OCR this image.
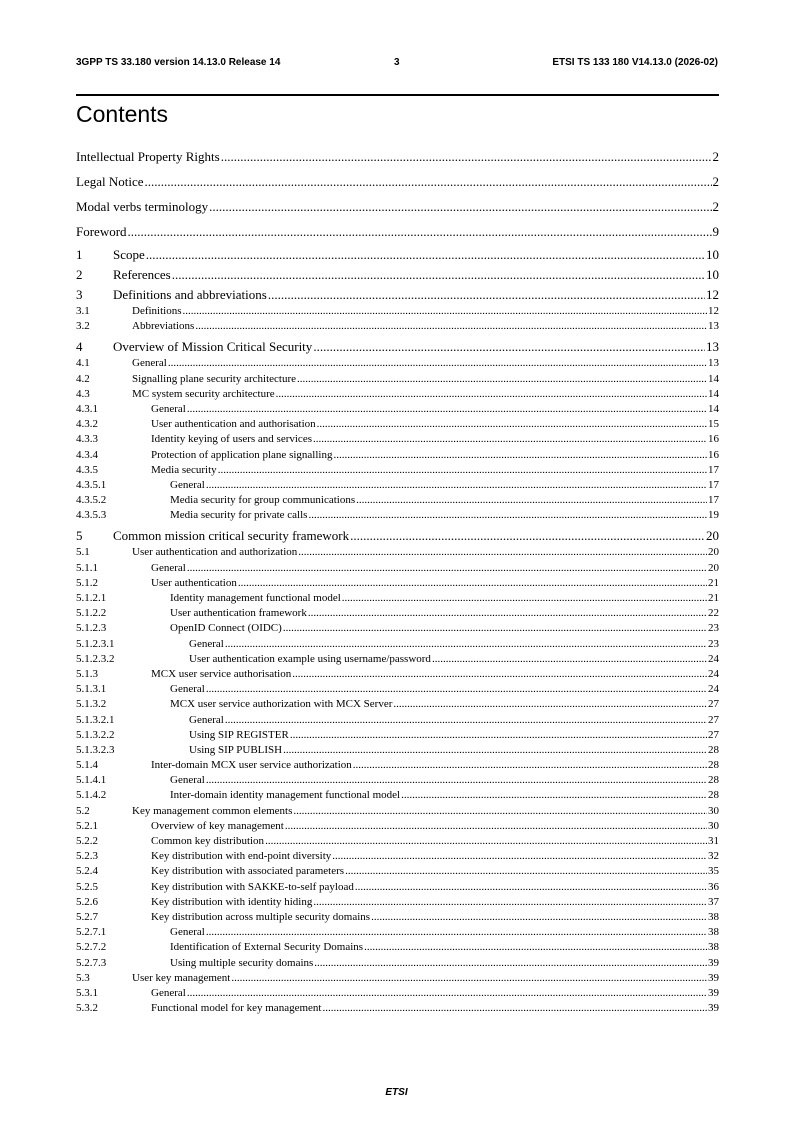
3GPP TS 33.180 version 14.13.0 Release 14	3	ETSI TS 133 180 V14.13.0 (2026-02)
Contents
Intellectual Property Rights .....	2
Legal Notice .....	2
Modal verbs terminology .....	2
Foreword .....	9
1	Scope .....	10
2	References .....	10
3	Definitions and abbreviations .....	12
3.1	Definitions .....	12
3.2	Abbreviations .....	13
4	Overview of Mission Critical Security .....	13
4.1	General .....	13
4.2	Signalling plane security architecture .....	14
4.3	MC system security architecture .....	14
4.3.1	General .....	14
4.3.2	User authentication and authorisation .....	15
4.3.3	Identity keying of users and services .....	16
4.3.4	Protection of application plane signalling .....	16
4.3.5	Media security .....	17
4.3.5.1	General .....	17
4.3.5.2	Media security for group communications .....	17
4.3.5.3	Media security for private calls .....	19
5	Common mission critical security framework .....	20
5.1	User authentication and authorization .....	20
5.1.1	General .....	20
5.1.2	User authentication .....	21
5.1.2.1	Identity management functional model .....	21
5.1.2.2	User authentication framework .....	22
5.1.2.3	OpenID Connect (OIDC) .....	23
5.1.2.3.1	General .....	23
5.1.2.3.2	User authentication example using username/password .....	24
5.1.3	MCX user service authorisation .....	24
5.1.3.1	General .....	24
5.1.3.2	MCX user service authorization with MCX Server .....	27
5.1.3.2.1	General .....	27
5.1.3.2.2	Using SIP REGISTER .....	27
5.1.3.2.3	Using SIP PUBLISH .....	28
5.1.4	Inter-domain MCX user service authorization .....	28
5.1.4.1	General .....	28
5.1.4.2	Inter-domain identity management functional model .....	28
5.2	Key management common elements .....	30
5.2.1	Overview of key management .....	30
5.2.2	Common key distribution .....	31
5.2.3	Key distribution with end-point diversity .....	32
5.2.4	Key distribution with associated parameters .....	35
5.2.5	Key distribution with SAKKE-to-self payload .....	36
5.2.6	Key distribution with identity hiding .....	37
5.2.7	Key distribution across multiple security domains .....	38
5.2.7.1	General .....	38
5.2.7.2	Identification of External Security Domains .....	38
5.2.7.3	Using multiple security domains .....	39
5.3	User key management .....	39
5.3.1	General .....	39
5.3.2	Functional model for key management .....	39
ETSI
